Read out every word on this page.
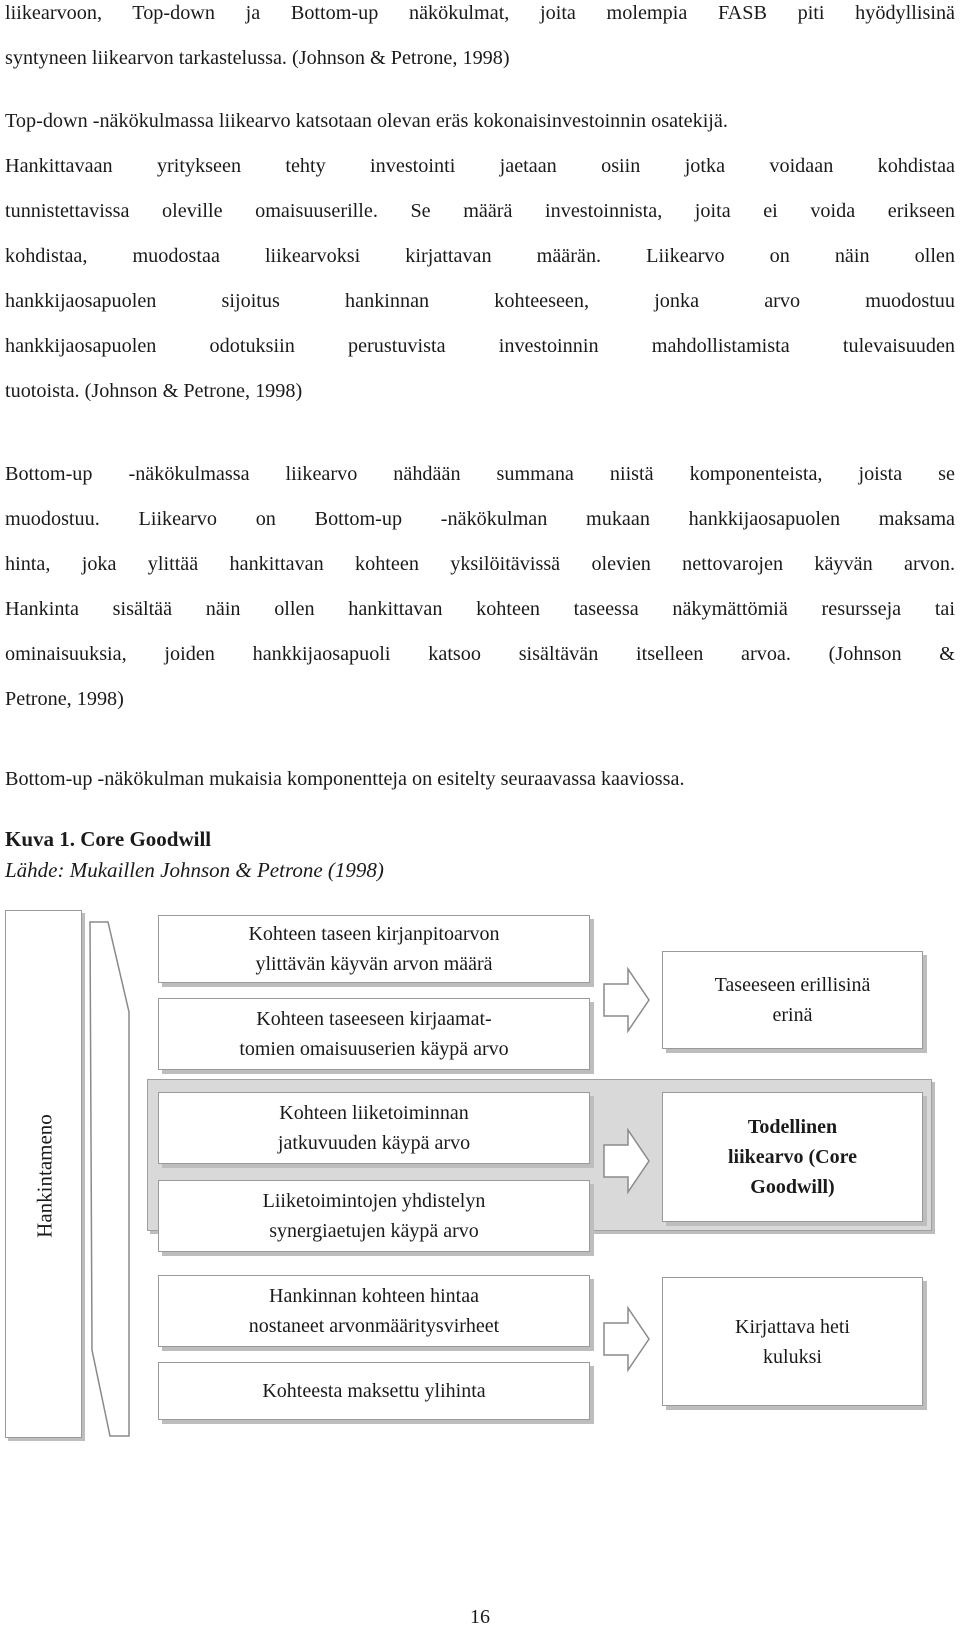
liikearvoon, Top-down ja Bottom-up näkökulmat, joita molempia FASB piti hyödyllisinä
syntyneen liikearvon tarkastelussa. (Johnson & Petrone, 1998)
Top-down -näkökulmassa liikearvo katsotaan olevan eräs kokonaisinvestoinnin osatekijä.
Hankittavaan yritykseen tehty investointi jaetaan osiin jotka voidaan kohdistaa
tunnistettavissa oleville omaisuuserille. Se määrä investoinnista, joita ei voida erikseen
kohdistaa, muodostaa liikearvoksi kirjattavan määrän. Liikearvo on näin ollen
hankkijaosapuolen sijoitus hankinnan kohteeseen, jonka arvo muodostuu
hankkijaosapuolen odotuksiin perustuvista investoinnin mahdollistamista tulevaisuuden
tuotoista. (Johnson & Petrone, 1998)
Bottom-up -näkökulmassa liikearvo nähdään summana niistä komponenteista, joista se
muodostuu. Liikearvo on Bottom-up -näkökulman mukaan hankkijaosapuolen maksama
hinta, joka ylittää hankittavan kohteen yksilöitävissä olevien nettovarojen käyvän arvon.
Hankinta sisältää näin ollen hankittavan kohteen taseessa näkymättömiä resursseja tai
ominaisuuksia, joiden hankkijaosapuoli katsoo sisältävän itselleen arvoa. (Johnson &
Petrone, 1998)
Bottom-up -näkökulman mukaisia komponentteja on esitelty seuraavassa kaaviossa.

Kuva 1. Core Goodwill

Lähde: Mukaillen Johnson & Petrone (1998)

Hankintameno
Kohteen taseen kirjanpitoarvon
ylittävän käyvän arvon määrä
Kohteen taseeseen kirjaamat-
tomien omaisuuserien käypä arvo
Kohteen liiketoiminnan
jatkuvuuden käypä arvo
Liiketoimintojen yhdistelyn
synergiaetujen käypä arvo
Hankinnan kohteen hintaa
nostaneet arvonmääritysvirheet
Kohteesta maksettu ylihinta
Taseeseen erillisinä
erinä
Todellinen
liikearvo (Core
Goodwill)
Kirjattava heti
kuluksi

16
